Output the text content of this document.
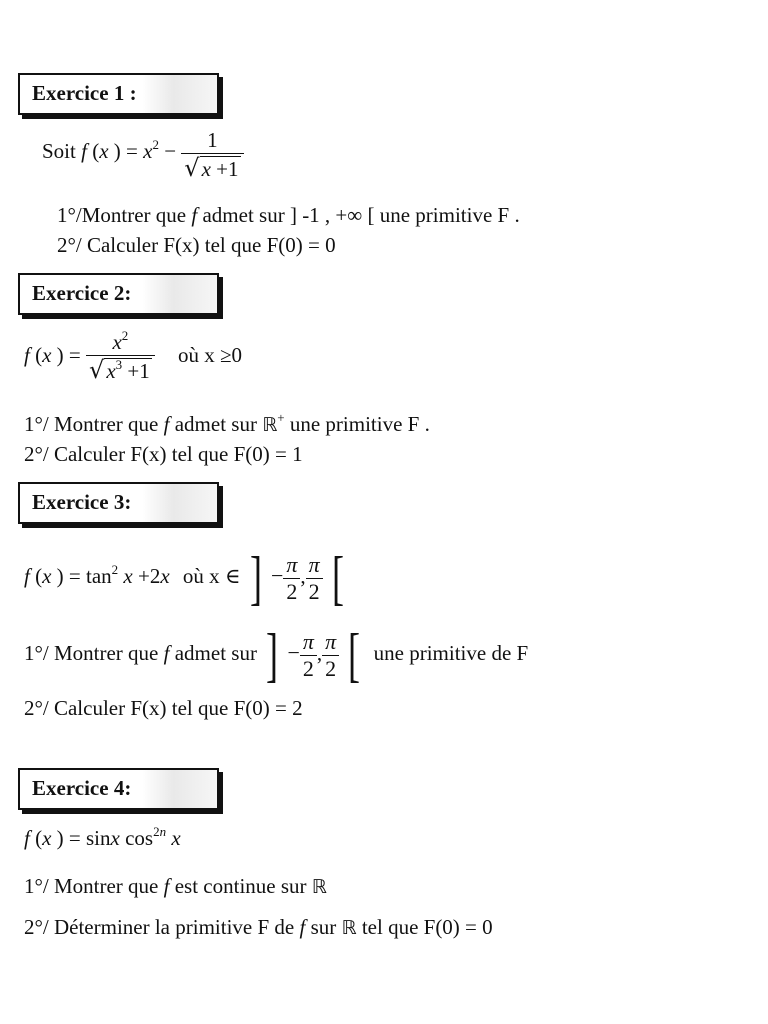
Exercice 1 :
Soit f (x ) = $x^2 - \frac{1}{√x +1}$
1°/Montrer que f admet sur ] -1 , +∞ [ une primitive F .
2°/ Calculer F(x) tel que F(0) = 0
Exercice 2:
f (x ) = $\frac{x^2}{√x^3 +1}$ où x ≥0
1°/ Montrer que f admet sur ℝ+ une primitive F .
2°/ Calculer F(x) tel que F(0) = 1
Exercice 3:
f (x ) = $\tan^2 x +2x$ où x ∈ ] − $\frac{\pi}{2}$ , $\frac{\pi}{2}$ [
1°/ Montrer que f admet sur ] − $\frac{\pi}{2}$ , $\frac{\pi}{2}$ [ une primitive de F
2°/ Calculer F(x) tel que F(0) = 2
Exercice 4:
f (x ) = sinx $\cos^{2n} x$
1°/ Montrer que f est continue sur ℝ
2°/ Déterminer la primitive F de f sur ℝ tel que F(0) = 0
